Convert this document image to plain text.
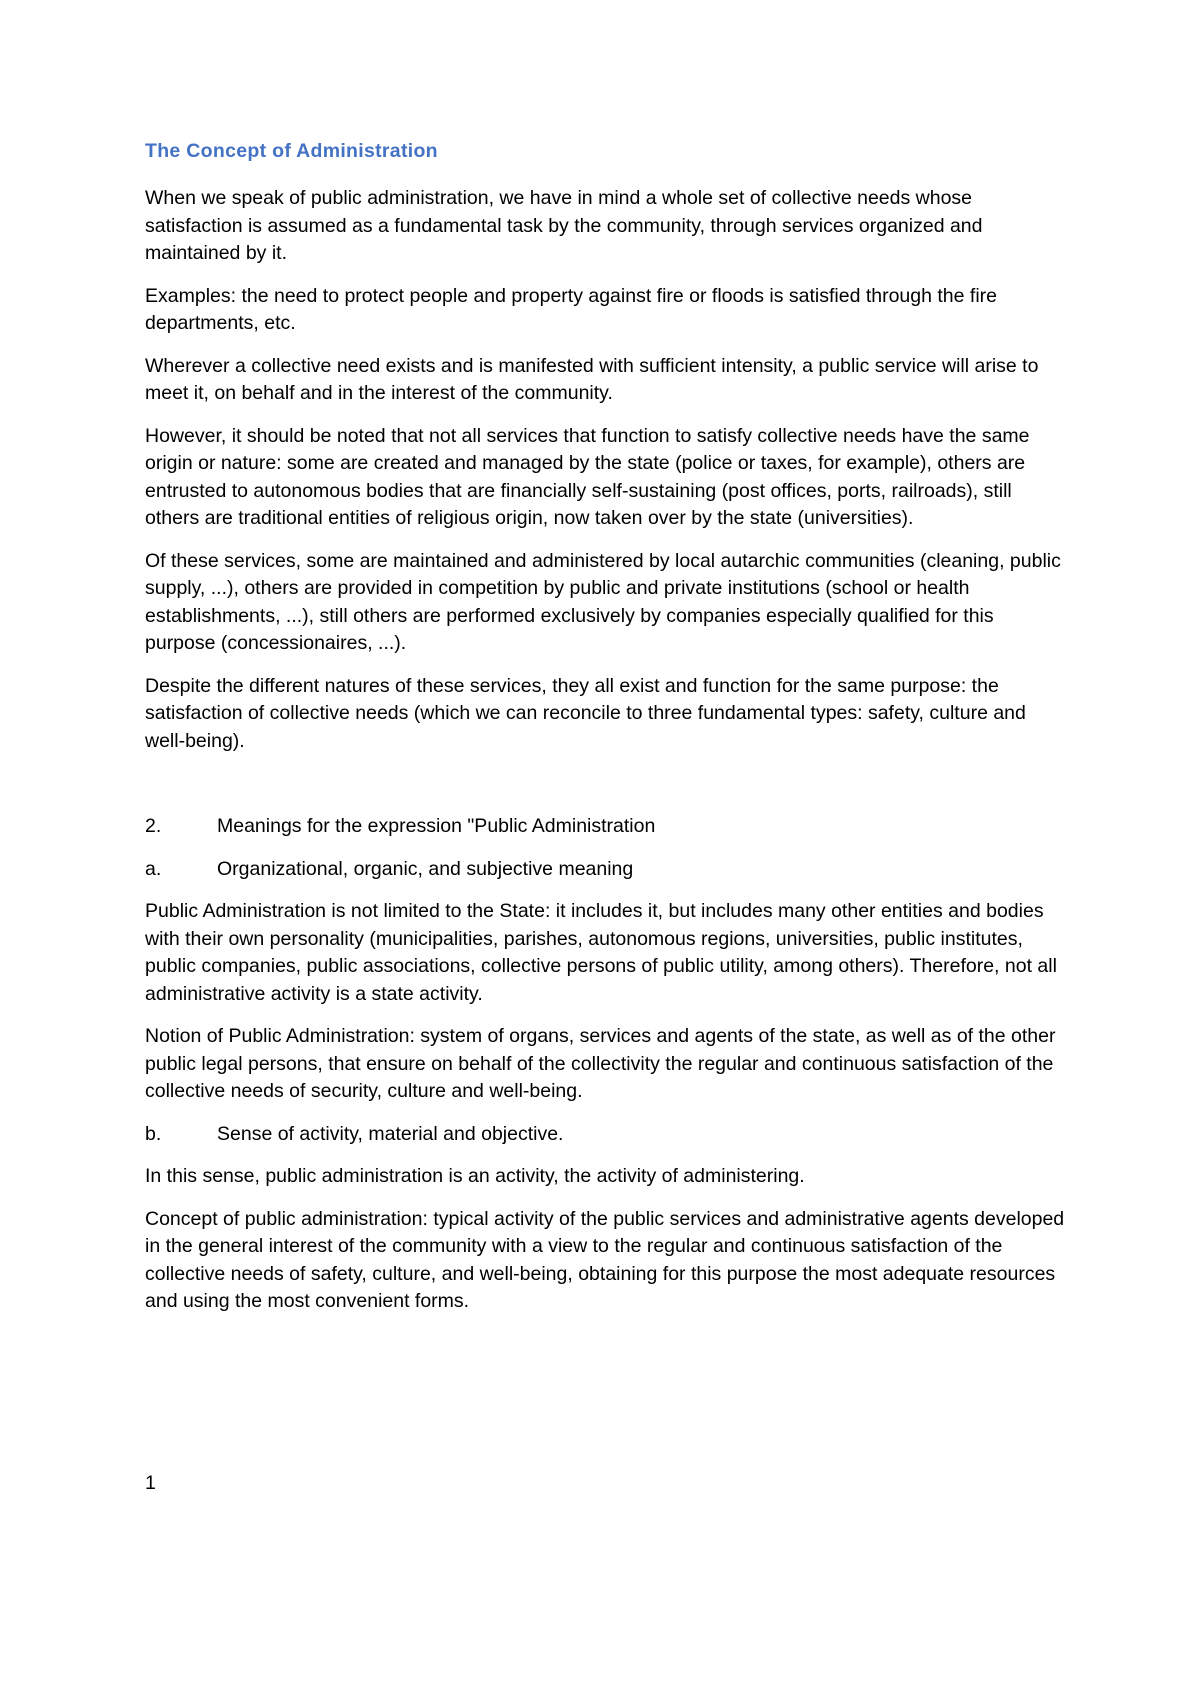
The Concept of Administration

When we speak of public administration, we have in mind a whole set of collective needs whose satisfaction is assumed as a fundamental task by the community, through services organized and maintained by it.

Examples: the need to protect people and property against fire or floods is satisfied through the fire departments, etc.

Wherever a collective need exists and is manifested with sufficient intensity, a public service will arise to meet it, on behalf and in the interest of the community.

However, it should be noted that not all services that function to satisfy collective needs have the same origin or nature: some are created and managed by the state (police or taxes, for example), others are entrusted to autonomous bodies that are financially self-sustaining (post offices, ports, railroads), still others are traditional entities of religious origin, now taken over by the state (universities).

Of these services, some are maintained and administered by local autarchic communities (cleaning, public supply, ...), others are provided in competition by public and private institutions (school or health establishments, ...), still others are performed exclusively by companies especially qualified for this purpose (concessionaires, ...).

Despite the different natures of these services, they all exist and function for the same purpose: the satisfaction of collective needs (which we can reconcile to three fundamental types: safety, culture and well-being).

2.	Meanings for the expression "Public Administration
a.	Organizational, organic, and subjective meaning

Public Administration is not limited to the State: it includes it, but includes many other entities and bodies with their own personality (municipalities, parishes, autonomous regions, universities, public institutes, public companies, public associations, collective persons of public utility, among others). Therefore, not all administrative activity is a state activity.

Notion of Public Administration: system of organs, services and agents of the state, as well as of the other public legal persons, that ensure on behalf of the collectivity the regular and continuous satisfaction of the collective needs of security, culture and well-being.

b.	Sense of activity, material and objective.

In this sense, public administration is an activity, the activity of administering.

Concept of public administration: typical activity of the public services and administrative agents developed in the general interest of the community with a view to the regular and continuous satisfaction of the collective needs of safety, culture, and well-being, obtaining for this purpose the most adequate resources and using the most convenient forms.

1
